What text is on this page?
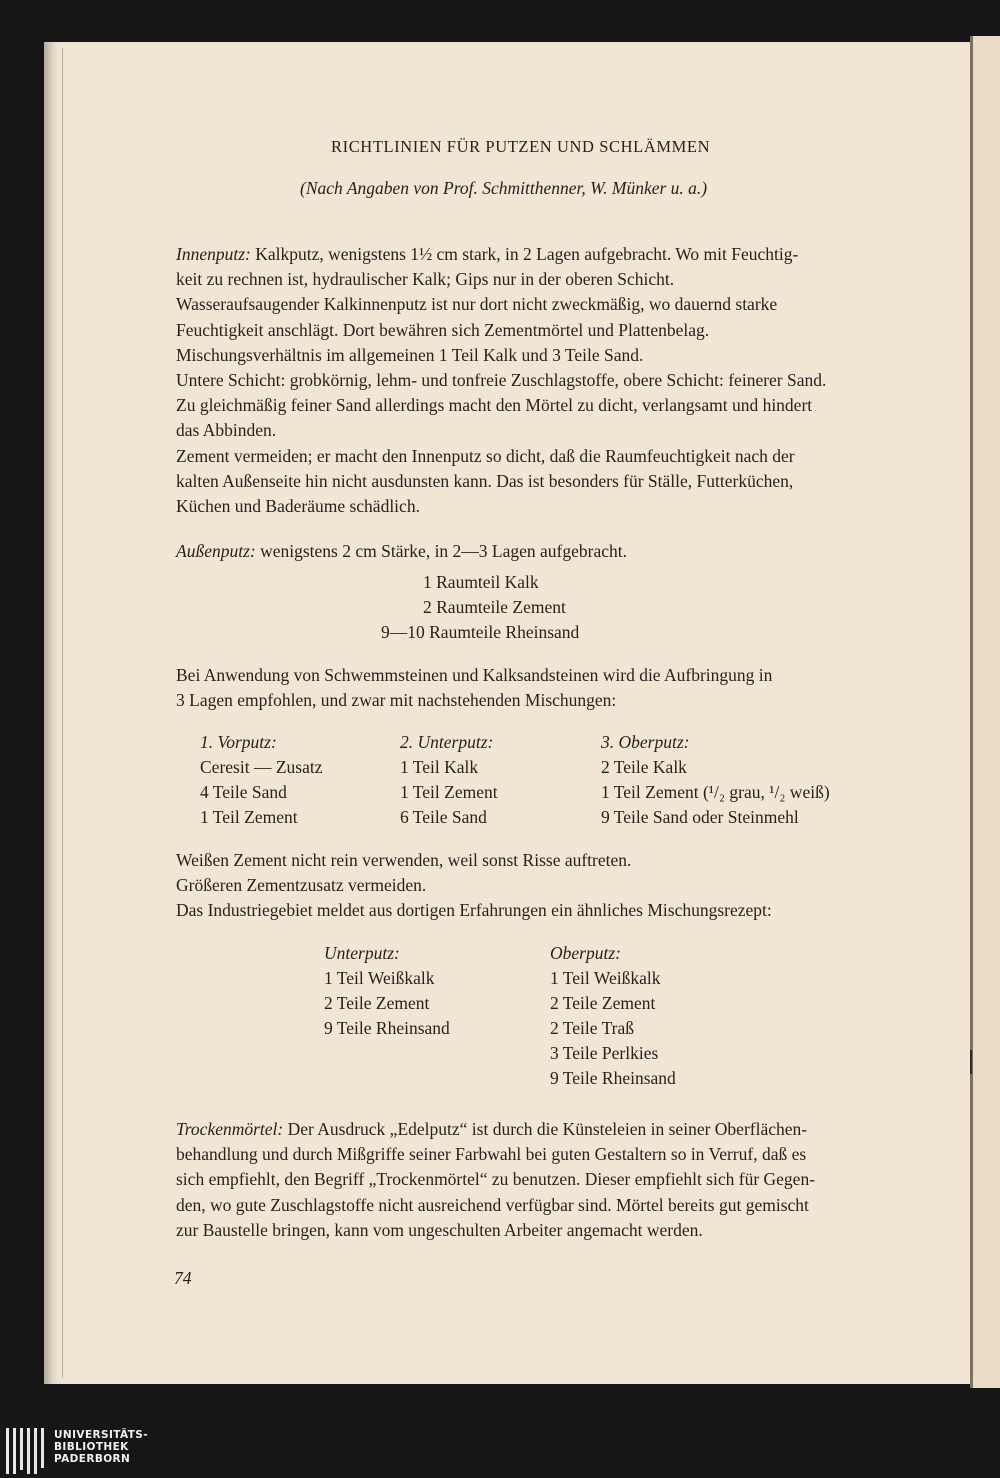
RICHTLINIEN FÜR PUTZEN UND SCHLÄMMEN
(Nach Angaben von Prof. Schmitthenner, W. Münker u. a.)
Innenputz: Kalkputz, wenigstens 1½ cm stark, in 2 Lagen aufgebracht. Wo mit Feuchtig-
keit zu rechnen ist, hydraulischer Kalk; Gips nur in der oberen Schicht.
Wasseraufsaugender Kalkinnenputz ist nur dort nicht zweckmäßig, wo dauernd starke
Feuchtigkeit anschlägt. Dort bewähren sich Zementmörtel und Plattenbelag.
Mischungsverhältnis im allgemeinen 1 Teil Kalk und 3 Teile Sand.
Untere Schicht: grobkörnig, lehm- und tonfreie Zuschlagstoffe, obere Schicht: feinerer Sand.
Zu gleichmäßig feiner Sand allerdings macht den Mörtel zu dicht, verlangsamt und hindert
das Abbinden.
Zement vermeiden; er macht den Innenputz so dicht, daß die Raumfeuchtigkeit nach der
kalten Außenseite hin nicht ausdunsten kann. Das ist besonders für Ställe, Futterküchen,
Küchen und Baderäume schädlich.
Außenputz: wenigstens 2 cm Stärke, in 2—3 Lagen aufgebracht.
1 Raumteil Kalk
2 Raumteile Zement
9—10 Raumteile Rheinsand
Bei Anwendung von Schwemmsteinen und Kalksandsteinen wird die Aufbringung in
3 Lagen empfohlen, und zwar mit nachstehenden Mischungen:
1. Vorputz:
Ceresit — Zusatz
4 Teile Sand
1 Teil Zement
2. Unterputz:
1 Teil Kalk
1 Teil Zement
6 Teile Sand
3. Oberputz:
2 Teile Kalk
1 Teil Zement (¹/₂ grau, ¹/₂ weiß)
9 Teile Sand oder Steinmehl
Weißen Zement nicht rein verwenden, weil sonst Risse auftreten.
Größeren Zementzusatz vermeiden.
Das Industriegebiet meldet aus dortigen Erfahrungen ein ähnliches Mischungsrezept:
Unterputz:
1 Teil Weißkalk
2 Teile Zement
9 Teile Rheinsand
Oberputz:
1 Teil Weißkalk
2 Teile Zement
2 Teile Traß
3 Teile Perlkies
9 Teile Rheinsand
Trockenmörtel: Der Ausdruck „Edelputz“ ist durch die Künsteleien in seiner Oberflächen-
behandlung und durch Mißgriffe seiner Farbwahl bei guten Gestaltern so in Verruf, daß es
sich empfiehlt, den Begriff „Trockenmörtel“ zu benutzen. Dieser empfiehlt sich für Gegen-
den, wo gute Zuschlagstoffe nicht ausreichend verfügbar sind. Mörtel bereits gut gemischt
zur Baustelle bringen, kann vom ungeschulten Arbeiter angemacht werden.
74
UNIVERSITÄTS-
BIBLIOTHEK
PADERBORN
